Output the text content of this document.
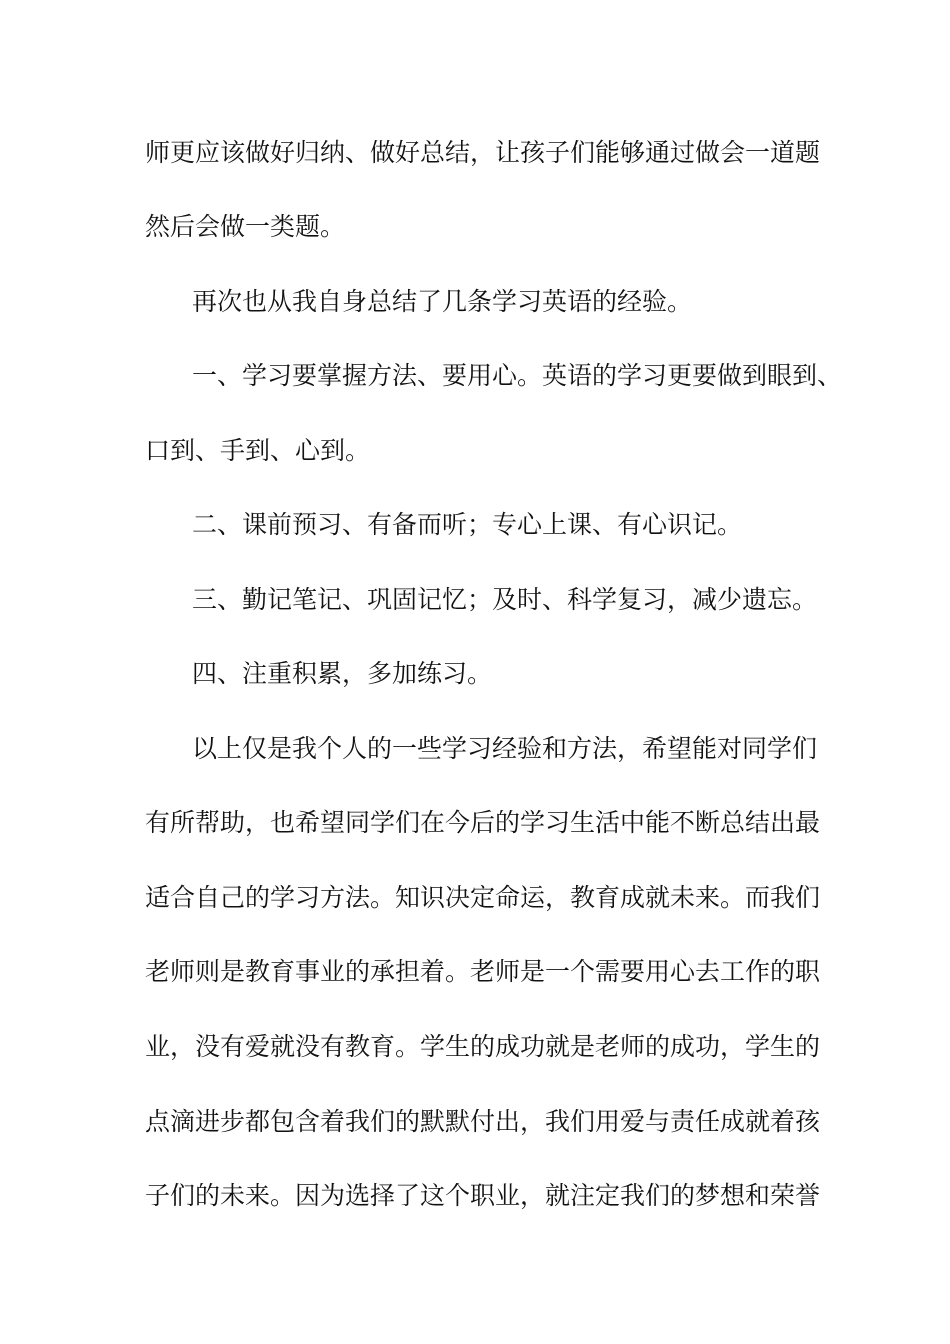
师更应该做好归纳、做好总结，让孩子们能够通过做会一道题
然后会做一类题。
再次也从我自身总结了几条学习英语的经验。
一、学习要掌握方法、要用心。英语的学习更要做到眼到、
口到、手到、心到。
二、课前预习、有备而听；专心上课、有心识记。
三、勤记笔记、巩固记忆；及时、科学复习，减少遗忘。
四、注重积累，多加练习。
以上仅是我个人的一些学习经验和方法，希望能对同学们
有所帮助，也希望同学们在今后的学习生活中能不断总结出最
适合自己的学习方法。知识决定命运，教育成就未来。而我们
老师则是教育事业的承担着。老师是一个需要用心去工作的职
业，没有爱就没有教育。学生的成功就是老师的成功，学生的
点滴进步都包含着我们的默默付出，我们用爱与责任成就着孩
子们的未来。因为选择了这个职业，就注定我们的梦想和荣誉
